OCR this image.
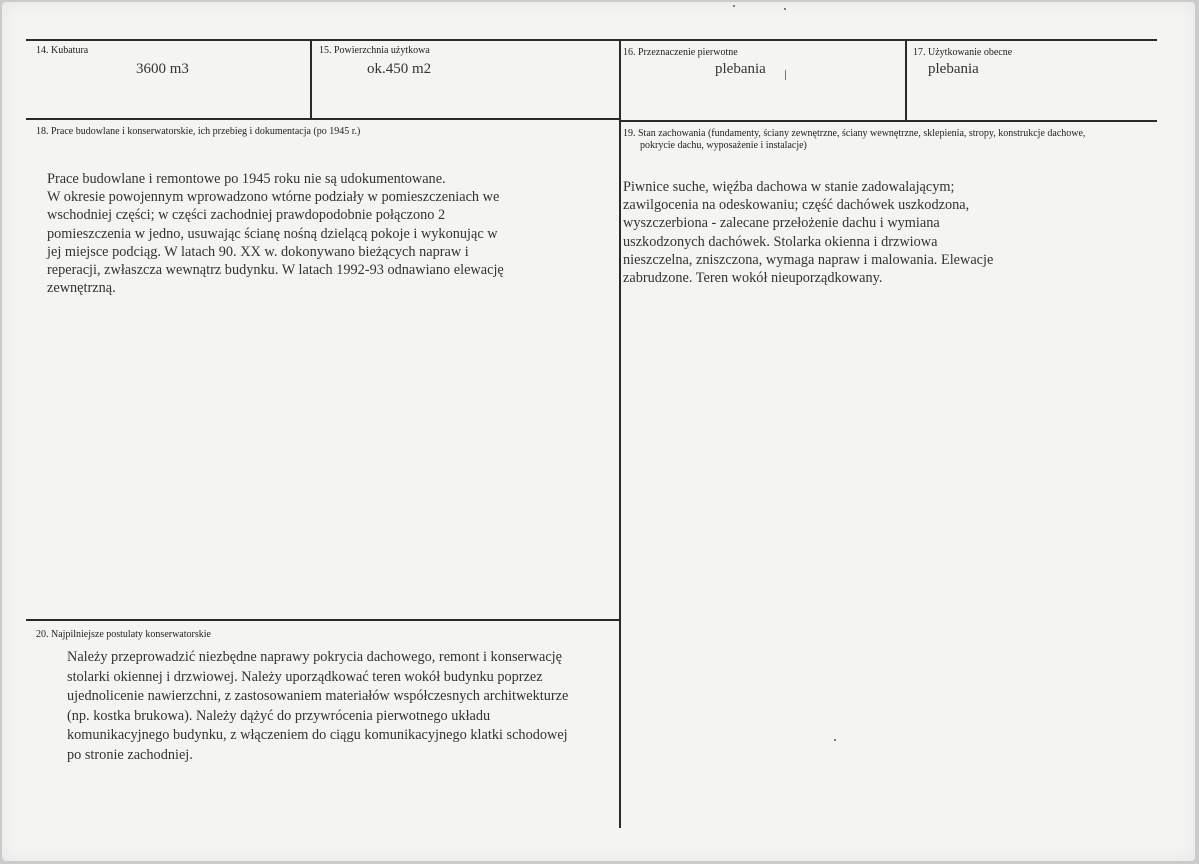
14. Kubatura
3600 m3
15. Powierzchnia użytkowa
ok.450 m2
16. Przeznaczenie pierwotne
plebania
17. Użytkowanie obecne
plebania
18. Prace budowlane i konserwatorskie, ich przebieg i dokumentacja (po 1945 r.)
Prace budowlane i remontowe po 1945 roku nie są udokumentowane.
W okresie powojennym wprowadzono wtórne podziały w pomieszczeniach we
wschodniej części; w części zachodniej prawdopodobnie połączono 2
pomieszczenia w jedno, usuwając ścianę nośną dzielącą pokoje i wykonując w
jej miejsce podciąg. W latach 90. XX w. dokonywano bieżących napraw i
reperacji, zwłaszcza wewnątrz budynku. W latach 1992-93 odnawiano elewację
zewnętrzną.
19. Stan zachowania (fundamenty, ściany zewnętrzne, ściany wewnętrzne, sklepienia, stropy, konstrukcje dachowe,
pokrycie dachu, wyposażenie i instalacje)
Piwnice suche, więźba dachowa w stanie zadowalającym;
zawilgocenia na odeskowaniu; część dachówek uszkodzona,
wyszczerbiona - zalecane przełożenie dachu i wymiana
uszkodzonych dachówek. Stolarka okienna i drzwiowa
nieszczelna, zniszczona, wymaga napraw i malowania. Elewacje
zabrudzone. Teren wokół nieuporządkowany.
20. Najpilniejsze postulaty konserwatorskie
Należy przeprowadzić niezbędne naprawy pokrycia dachowego, remont i konserwację
stolarki okiennej i drzwiowej. Należy uporządkować teren wokół budynku poprzez
ujednolicenie nawierzchni, z zastosowaniem materiałów współczesnych architwekturze
(np. kostka brukowa). Należy dążyć do przywrócenia pierwotnego układu
komunikacyjnego budynku, z włączeniem do ciągu komunikacyjnego klatki schodowej
po stronie zachodniej.
